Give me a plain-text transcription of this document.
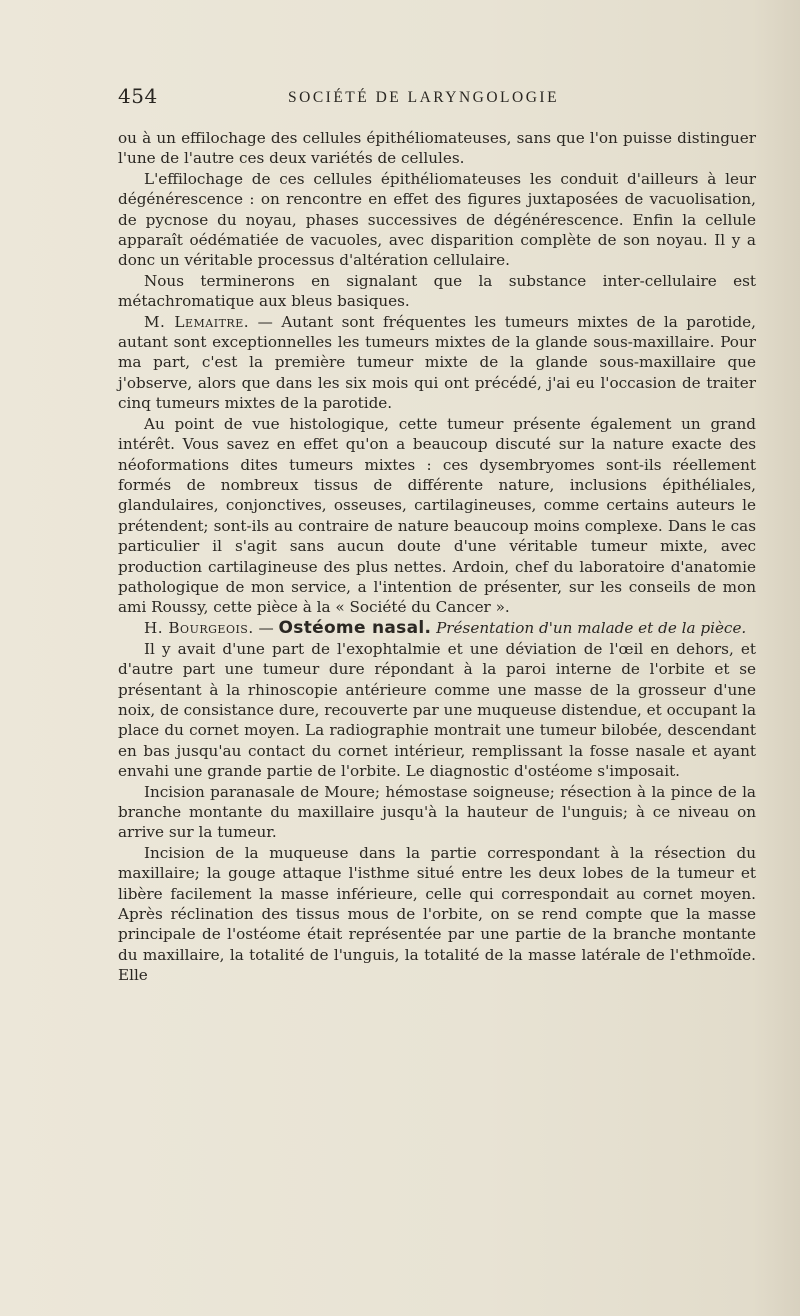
454	SOCIÉTÉ DE LARYNGOLOGIE

ou à un effilochage des cellules épithéliomateuses, sans que l'on puisse distinguer l'une de l'autre ces deux variétés de cellules.

L'effilochage de ces cellules épithéliomateuses les conduit d'ailleurs à leur dégénérescence : on rencontre en effet des figures juxtaposées de vacuolisation, de pycnose du noyau, phases successives de dégénérescence. Enfin la cellule apparaît oédématiée de vacuoles, avec disparition complète de son noyau. Il y a donc un véritable processus d'altération cellulaire.

Nous terminerons en signalant que la substance inter-cellulaire est métachromatique aux bleus basiques.

M. Lemaitre. — Autant sont fréquentes les tumeurs mixtes de la parotide, autant sont exceptionnelles les tumeurs mixtes de la glande sous-maxillaire. Pour ma part, c'est la première tumeur mixte de la glande sous-maxillaire que j'observe, alors que dans les six mois qui ont précédé, j'ai eu l'occasion de traiter cinq tumeurs mixtes de la parotide.

Au point de vue histologique, cette tumeur présente également un grand intérêt. Vous savez en effet qu'on a beaucoup discuté sur la nature exacte des néoformations dites tumeurs mixtes : ces dysembryomes sont-ils réellement formés de nombreux tissus de différente nature, inclusions épithéliales, glandulaires, conjonctives, osseuses, cartilagineuses, comme certains auteurs le prétendent; sont-ils au contraire de nature beaucoup moins complexe. Dans le cas particulier il s'agit sans aucun doute d'une véritable tumeur mixte, avec production cartilagineuse des plus nettes. Ardoin, chef du laboratoire d'anatomie pathologique de mon service, a l'intention de présenter, sur les conseils de mon ami Roussy, cette pièce à la « Société du Cancer ».

H. Bourgeois. — Ostéome nasal. Présentation d'un malade et de la pièce.

Il y avait d'une part de l'exophtalmie et une déviation de l'œil en dehors, et d'autre part une tumeur dure répondant à la paroi interne de l'orbite et se présentant à la rhinoscopie antérieure comme une masse de la grosseur d'une noix, de consistance dure, recouverte par une muqueuse distendue, et occupant la place du cornet moyen. La radiographie montrait une tumeur bilobée, descendant en bas jusqu'au contact du cornet intérieur, remplissant la fosse nasale et ayant envahi une grande partie de l'orbite. Le diagnostic d'ostéome s'imposait.

Incision paranasale de Moure; hémostase soigneuse; résection à la pince de la branche montante du maxillaire jusqu'à la hauteur de l'unguis; à ce niveau on arrive sur la tumeur.

Incision de la muqueuse dans la partie correspondant à la résection du maxillaire; la gouge attaque l'isthme situé entre les deux lobes de la tumeur et libère facilement la masse inférieure, celle qui correspondait au cornet moyen. Après réclination des tissus mous de l'orbite, on se rend compte que la masse principale de l'ostéome était représentée par une partie de la branche montante du maxillaire, la totalité de l'unguis, la totalité de la masse latérale de l'ethmoïde. Elle
